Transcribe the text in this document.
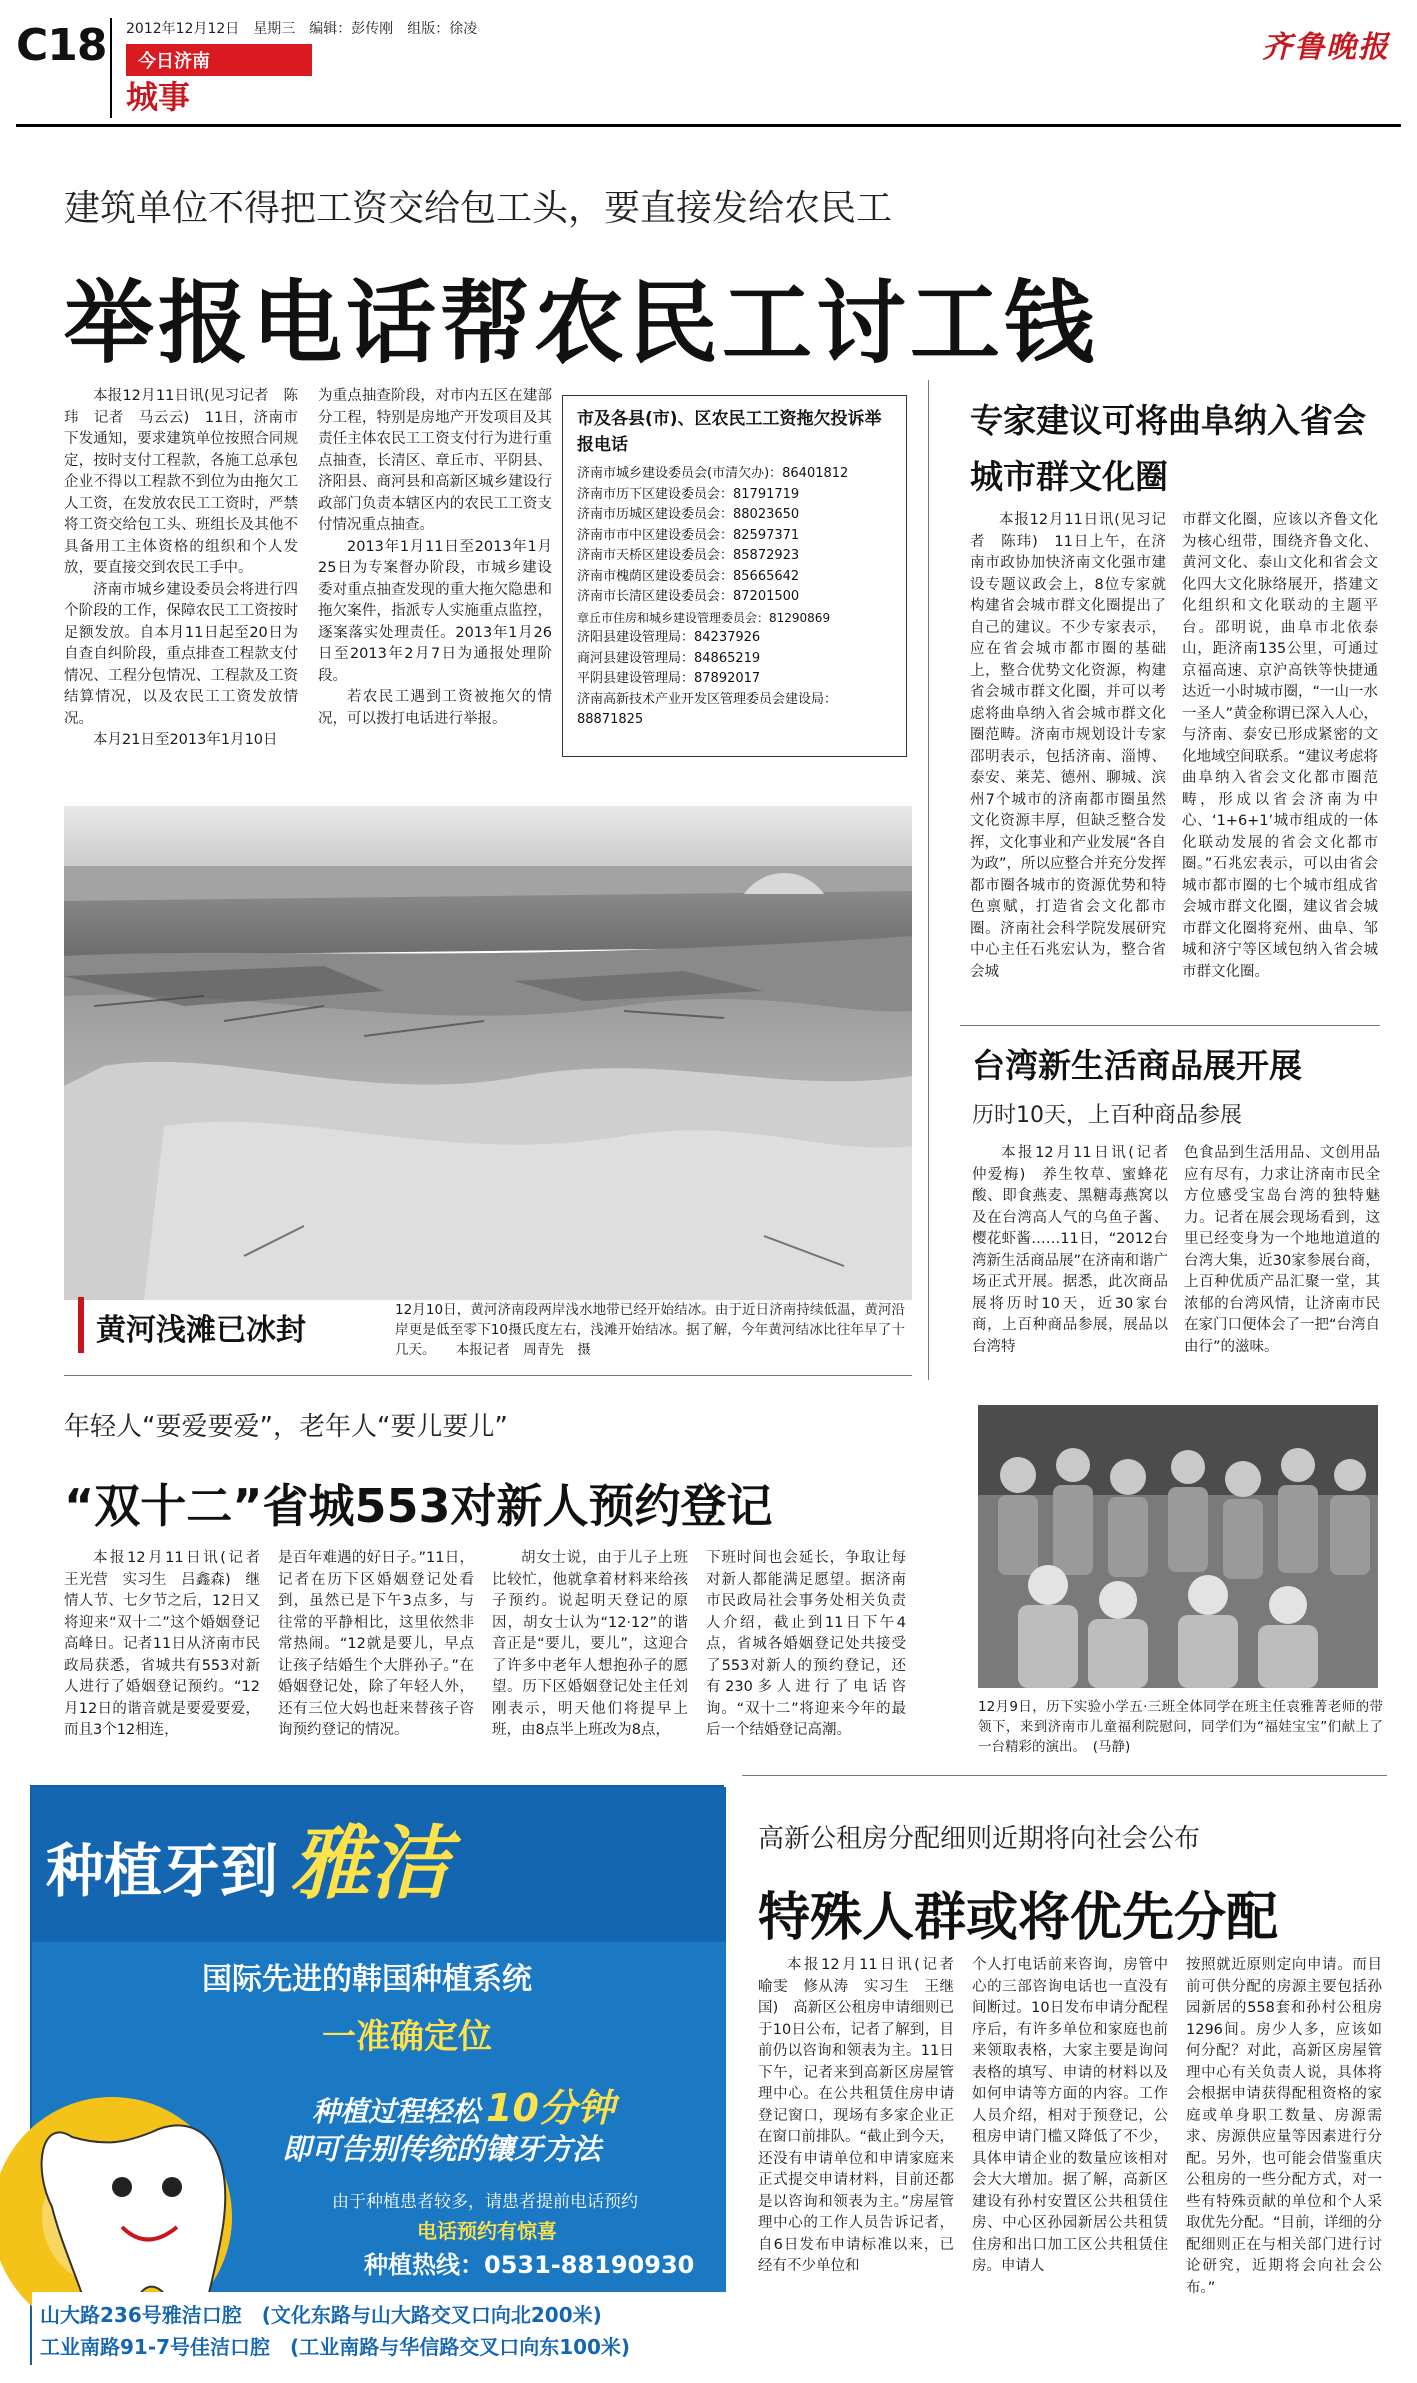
C18 2012年12月12日　星期三　编辑：彭传刚　组版：徐凌
今日济南
城事
齐鲁晚报
建筑单位不得把工资交给包工头，要直接发给农民工
举报电话帮农民工讨工钱

本报12月11日讯(见习记者　陈玮　记者　马云云)　11日，济南市下发通知，要求建筑单位按照合同规定，按时支付工程款，各施工总承包企业不得以工程款不到位为由拖欠工人工资，在发放农民工工资时，严禁将工资交给包工头、班组长及其他不具备用工主体资格的组织和个人发放，要直接交到农民工手中。

济南市城乡建设委员会将进行四个阶段的工作，保障农民工工资按时足额发放。自本月11日起至20日为自查自纠阶段，重点排查工程款支付情况、工程分包情况、工程款及工资结算情况，以及农民工工资发放情况。

本月21日至2013年1月10日

为重点抽查阶段，对市内五区在建部分工程，特别是房地产开发项目及其责任主体农民工工资支付行为进行重点抽查，长清区、章丘市、平阴县、济阳县、商河县和高新区城乡建设行政部门负责本辖区内的农民工工资支付情况重点抽查。

2013年1月11日至2013年1月25日为专案督办阶段，市城乡建设委对重点抽查发现的重大拖欠隐患和拖欠案件，指派专人实施重点监控，逐案落实处理责任。2013年1月26日至2013年2月7日为通报处理阶段。

若农民工遇到工资被拖欠的情况，可以拨打电话进行举报。

市及各县(市)、区农民工工资拖欠投诉举报电话
济南市城乡建设委员会(市清欠办)：86401812
济南市历下区建设委员会：81791719
济南市历城区建设委员会：88023650
济南市市中区建设委员会：82597371
济南市天桥区建设委员会：85872923
济南市槐荫区建设委员会：85665642
济南市长清区建设委员会：87201500
章丘市住房和城乡建设管理委员会：81290869
济阳县建设管理局：84237926
商河县建设管理局：84865219
平阴县建设管理局：87892017
济南高新技术产业开发区管理委员会建设局：88871825
黄河浅滩已冰封
12月10日，黄河济南段两岸浅水地带已经开始结冰。由于近日济南持续低温，黄河沿岸更是低至零下10摄氏度左右，浅滩开始结冰。据了解，今年黄河结冰比往年早了十几天。　　本报记者　周青先　摄
专家建议可将曲阜纳入省会城市群文化圈

本报12月11日讯(见习记者　陈玮)　11日上午，在济南市政协加快济南文化强市建设专题议政会上，8位专家就构建省会城市群文化圈提出了自己的建议。不少专家表示，应在省会城市都市圈的基础上，整合优势文化资源，构建省会城市群文化圈，并可以考虑将曲阜纳入省会城市群文化圈范畴。济南市规划设计专家邵明表示，包括济南、淄博、泰安、莱芜、德州、聊城、滨州7个城市的济南都市圈虽然文化资源丰厚，但缺乏整合发挥，文化事业和产业发展“各自为政”，所以应整合并充分发挥都市圈各城市的资源优势和特色禀赋，打造省会文化都市圈。济南社会科学院发展研究中心主任石兆宏认为，整合省会城

市群文化圈，应该以齐鲁文化为核心纽带，围绕齐鲁文化、黄河文化、泰山文化和省会文化四大文化脉络展开，搭建文化组织和文化联动的主题平台。邵明说，曲阜市北依泰山，距济南135公里，可通过京福高速、京沪高铁等快捷通达近一小时城市圈，“一山一水一圣人”黄金称谓已深入人心，与济南、泰安已形成紧密的文化地域空间联系。“建议考虑将曲阜纳入省会文化都市圈范畴，形成以省会济南为中心、‘1+6+1’城市组成的一体化联动发展的省会文化都市圈。”石兆宏表示，可以由省会城市都市圈的七个城市组成省会城市群文化圈，建议省会城市群文化圈将兖州、曲阜、邹城和济宁等区域包纳入省会城市群文化圈。

台湾新生活商品展开展
历时10天，上百种商品参展

本报12月11日讯(记者　仲爱梅)　养生牧草、蜜蜂花酸、即食燕麦、黑糖毒燕窝以及在台湾高人气的乌鱼子酱、樱花虾酱……11日，“2012台湾新生活商品展”在济南和谐广场正式开展。据悉，此次商品展将历时10天，近30家台商，上百种商品参展，展品以台湾特

色食品到生活用品、文创用品应有尽有，力求让济南市民全方位感受宝岛台湾的独特魅力。记者在展会现场看到，这里已经变身为一个地地道道的台湾大集，近30家参展台商，上百种优质产品汇聚一堂，其浓郁的台湾风情，让济南市民在家门口便体会了一把“台湾自由行”的滋味。

12月9日，历下实验小学五·三班全体同学在班主任袁雅菁老师的带领下，来到济南市儿童福利院慰问，同学们为“福娃宝宝”们献上了一台精彩的演出。　(马静)
年轻人“要爱要爱”，老年人“要儿要儿”
“双十二”省城553对新人预约登记

本报12月11日讯(记者　王光营　实习生　吕鑫森)　继情人节、七夕节之后，12日又将迎来“双十二”这个婚姻登记高峰日。记者11日从济南市民政局获悉，省城共有553对新人进行了婚姻登记预约。“12月12日的谐音就是要爱要爱，而且3个12相连，

是百年难遇的好日子。”11日，记者在历下区婚姻登记处看到，虽然已是下午3点多，与往常的平静相比，这里依然非常热闹。“12就是要儿，早点让孩子结婚生个大胖孙子。”在婚姻登记处，除了年轻人外，还有三位大妈也赶来替孩子咨询预约登记的情况。

胡女士说，由于儿子上班比较忙，他就拿着材料来给孩子预约。说起明天登记的原因，胡女士认为“12·12”的谐音正是“要儿，要儿”，这迎合了许多中老年人想抱孙子的愿望。历下区婚姻登记处主任刘刚表示，明天他们将提早上班，由8点半上班改为8点，

下班时间也会延长，争取让每对新人都能满足愿望。据济南市民政局社会事务处相关负责人介绍，截止到11日下午4点，省城各婚姻登记处共接受了553对新人的预约登记，还有230多人进行了电话咨询。“双十二”将迎来今年的最后一个结婚登记高潮。

种植牙到 雅洁
国际先进的韩国种植系统
一准确定位
种植过程轻松 10分钟
即可告别传统的镶牙方法
由于种植患者较多，请患者提前电话预约
电话预约有惊喜
种植热线：0531-88190930
山大路236号雅洁口腔　(文化东路与山大路交叉口向北200米)
工业南路91-7号佳洁口腔　(工业南路与华信路交叉口向东100米)
高新公租房分配细则近期将向社会公布
特殊人群或将优先分配

本报12月11日讯(记者　喻雯　修从涛　实习生　王继国)　高新区公租房申请细则已于10日公布，记者了解到，目前仍以咨询和领表为主。11日下午，记者来到高新区房屋管理中心。在公共租赁住房申请登记窗口，现场有多家企业正在窗口前排队。“截止到今天，还没有申请单位和申请家庭来正式提交申请材料，目前还都是以咨询和领表为主。”房屋管理中心的工作人员告诉记者，自6日发布申请标准以来，已经有不少单位和

个人打电话前来咨询，房管中心的三部咨询电话也一直没有间断过。10日发布申请分配程序后，有许多单位和家庭也前来领取表格，大家主要是询问表格的填写、申请的材料以及如何申请等方面的内容。工作人员介绍，相对于预登记，公租房申请门槛又降低了不少，具体申请企业的数量应该相对会大大增加。据了解，高新区建设有孙村安置区公共租赁住房、中心区孙园新居公共租赁住房和出口加工区公共租赁住房。申请人

按照就近原则定向申请。而目前可供分配的房源主要包括孙园新居的558套和孙村公租房1296间。房少人多，应该如何分配？对此，高新区房屋管理中心有关负责人说，具体将会根据申请获得配租资格的家庭或单身职工数量、房源需求、房源供应量等因素进行分配。另外，也可能会借鉴重庆公租房的一些分配方式，对一些有特殊贡献的单位和个人采取优先分配。“目前，详细的分配细则正在与相关部门进行讨论研究，近期将会向社会公布。”
